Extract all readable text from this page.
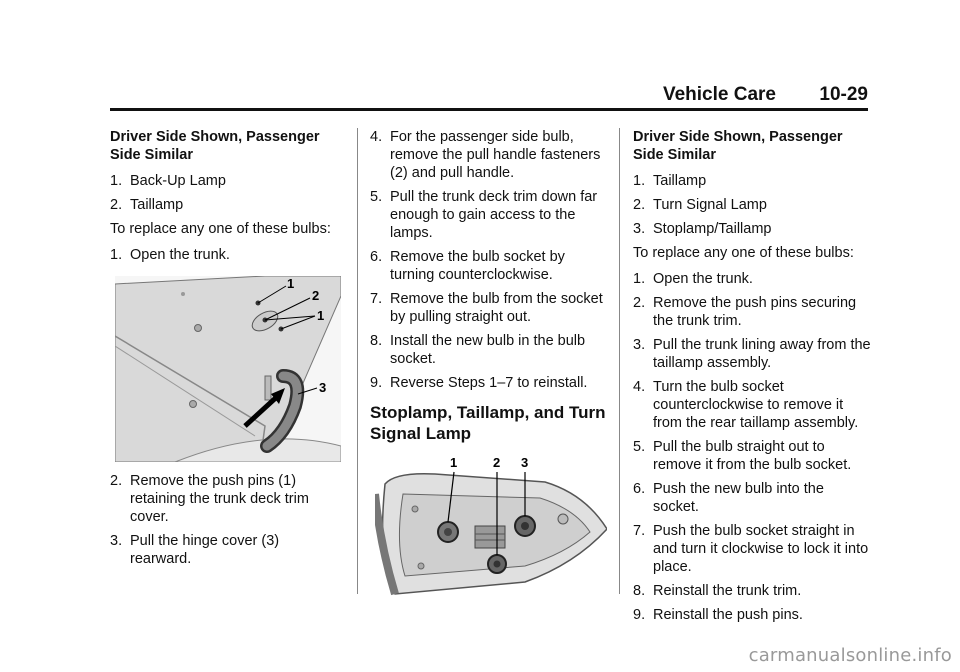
Vehicle Care 10-29

Driver Side Shown, Passenger Side Similar

1. Back-Up Lamp
2. Taillamp

To replace any one of these bulbs:

1. Open the trunk.
1
2
1
3
2. Remove the push pins (1) retaining the trunk deck trim cover.
3. Pull the hinge cover (3) rearward.
4. For the passenger side bulb, remove the pull handle fasteners (2) and pull handle.
5. Pull the trunk deck trim down far enough to gain access to the lamps.
6. Remove the bulb socket by turning counterclockwise.
7. Remove the bulb from the socket by pulling straight out.
8. Install the new bulb in the bulb socket.
9. Reverse Steps 1–7 to reinstall.
Stoplamp, Taillamp, and Turn Signal Lamp
1	2 3

Driver Side Shown, Passenger Side Similar

1. Taillamp
2. Turn Signal Lamp
3. Stoplamp/Taillamp

To replace any one of these bulbs:

1. Open the trunk.
2. Remove the push pins securing the trunk trim.
3. Pull the trunk lining away from the taillamp assembly.
4. Turn the bulb socket counterclockwise to remove it from the rear taillamp assembly.
5. Pull the bulb straight out to remove it from the bulb socket.
6. Push the new bulb into the socket.
7. Push the bulb socket straight in and turn it clockwise to lock it into place.
8. Reinstall the trunk trim.
9. Reinstall the push pins.
carmanualsonline.info
